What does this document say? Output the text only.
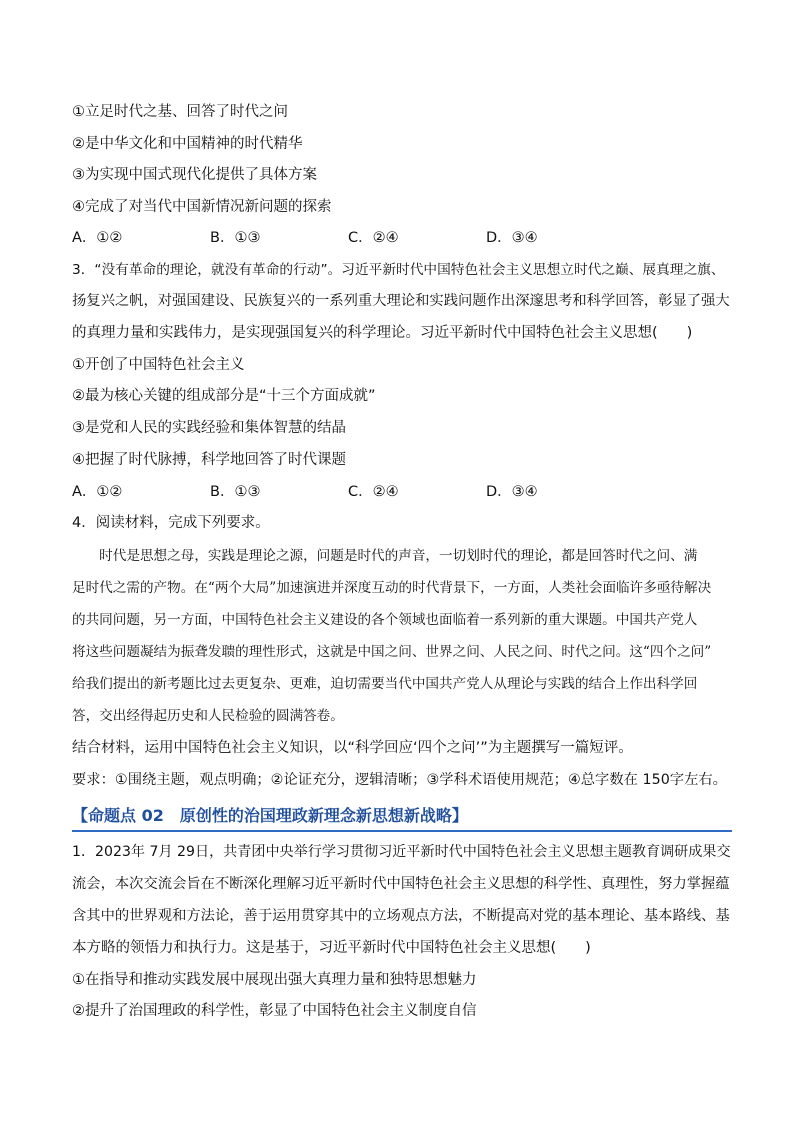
①立足时代之基、回答了时代之问
②是中华文化和中国精神的时代精华
③为实现中国式现代化提供了具体方案
④完成了对当代中国新情况新问题的探索
A．①②	B．①③	C．②④	D．③④
3．“没有革命的理论，就没有革命的行动”。习近平新时代中国特色社会主义思想立时代之巅、展真理之旗、
扬复兴之帆，对强国建设、民族复兴的一系列重大理论和实践问题作出深邃思考和科学回答，彰显了强大
的真理力量和实践伟力，是实现强国复兴的科学理论。习近平新时代中国特色社会主义思想(　　)
①开创了中国特色社会主义
②最为核心关键的组成部分是“十三个方面成就”
③是党和人民的实践经验和集体智慧的结晶
④把握了时代脉搏，科学地回答了时代课题
A．①②	B．①③	C．②④	D．③④
4．阅读材料，完成下列要求。
　　时代是思想之母，实践是理论之源，问题是时代的声音，一切划时代的理论，都是回答时代之问、满
足时代之需的产物。在“两个大局”加速演进并深度互动的时代背景下，一方面，人类社会面临许多亟待解决
的共同问题，另一方面，中国特色社会主义建设的各个领域也面临着一系列新的重大课题。中国共产党人
将这些问题凝结为振聋发聩的理性形式，这就是中国之问、世界之问、人民之问、时代之问。这“四个之问”
给我们提出的新考题比过去更复杂、更难，迫切需要当代中国共产党人从理论与实践的结合上作出科学回
答，交出经得起历史和人民检验的圆满答卷。
结合材料，运用中国特色社会主义知识，以“科学回应‘四个之问’”为主题撰写一篇短评。
要求：①围绕主题，观点明确；②论证充分，逻辑清晰；③学科术语使用规范；④总字数在 150字左右。
【命题点 02　原创性的治国理政新理念新思想新战略】
1．2023年 7月 29日，共青团中央举行学习贯彻习近平新时代中国特色社会主义思想主题教育调研成果交
流会，本次交流会旨在不断深化理解习近平新时代中国特色社会主义思想的科学性、真理性，努力掌握蕴
含其中的世界观和方法论，善于运用贯穿其中的立场观点方法，不断提高对党的基本理论、基本路线、基
本方略的领悟力和执行力。这是基于，习近平新时代中国特色社会主义思想(　　)
①在指导和推动实践发展中展现出强大真理力量和独特思想魅力
②提升了治国理政的科学性，彰显了中国特色社会主义制度自信
